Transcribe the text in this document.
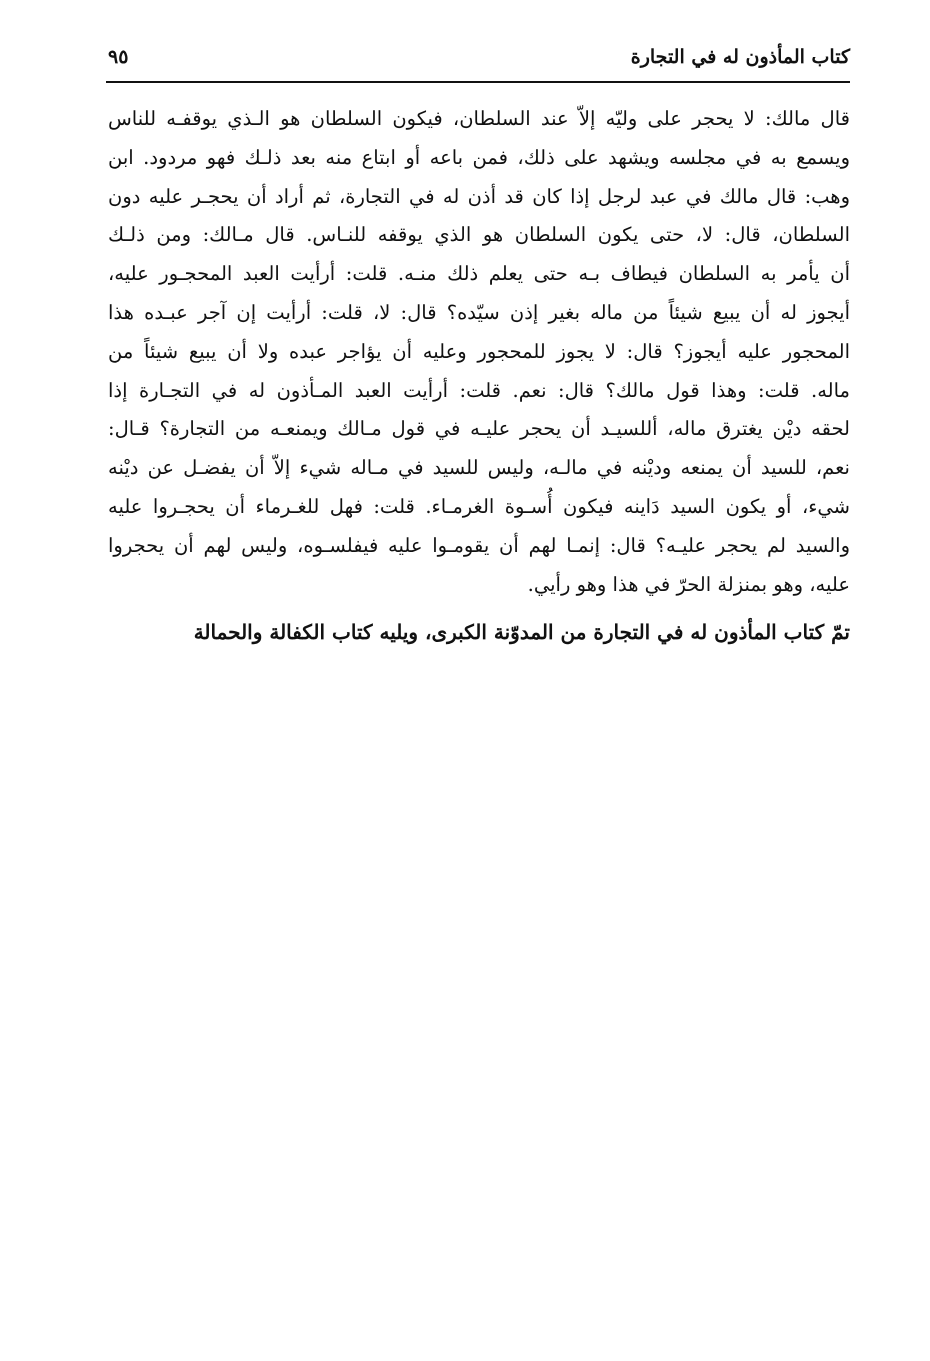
كتاب المأذون له في التجارة
٩٥
قال مالك: لا يحجر على وليّه إلاّ عند السلطان، فيكون السلطان هو الـذي يوقفـه للناس
ويسمع به في مجلسه ويشهد على ذلك، فمن باعه أو ابتاع منه بعد ذلـك فهو مردود. ابن
وهب: قال مالك في عبد لرجل إذا كان قد أذن له في التجارة، ثم أراد أن يحجـر عليه دون
السلطان، قال: لا، حتى يكون السلطان هو الذي يوقفه للنـاس. قال مـالك: ومن ذلـك
أن يأمر به السلطان فيطاف بـه حتى يعلم ذلك منـه. قلت: أرأيت العبد المحجـور عليه،
أيجوز له أن يبيع شيئاً من ماله بغير إذن سيّده؟ قال: لا، قلت: أرأيت إن آجر عبـده هذا
المحجور عليه أيجوز؟ قال: لا يجوز للمحجور وعليه أن يؤاجر عبده ولا أن يبيع شيئاً من
ماله. قلت: وهذا قول مالك؟ قال: نعم. قلت: أرأيت العبد المـأذون له في التجـارة إذا
لحقه ديْن يغترق ماله، أللسيـد أن يحجر عليـه في قول مـالك ويمنعـه من التجارة؟ قـال:
نعم، للسيد أن يمنعه وديْنه في مالـه، وليس للسيد في مـاله شيء إلاّ أن يفضـل عن ديْنه
شيء، أو يكون السيد دَاينه فيكون أُسـوة الغرمـاء. قلت: فهل للغـرماء أن يحجـروا عليه
والسيد لم يحجر عليـه؟ قال: إنمـا لهم أن يقومـوا عليه فيفلسـوه، وليس لهم أن يحجروا
عليه، وهو بمنزلة الحرّ في هذا وهو رأيي.
تمّ كتاب المأذون له في التجارة من المدوّنة الكبرى، ويليه كتاب الكفالة والحمالة
